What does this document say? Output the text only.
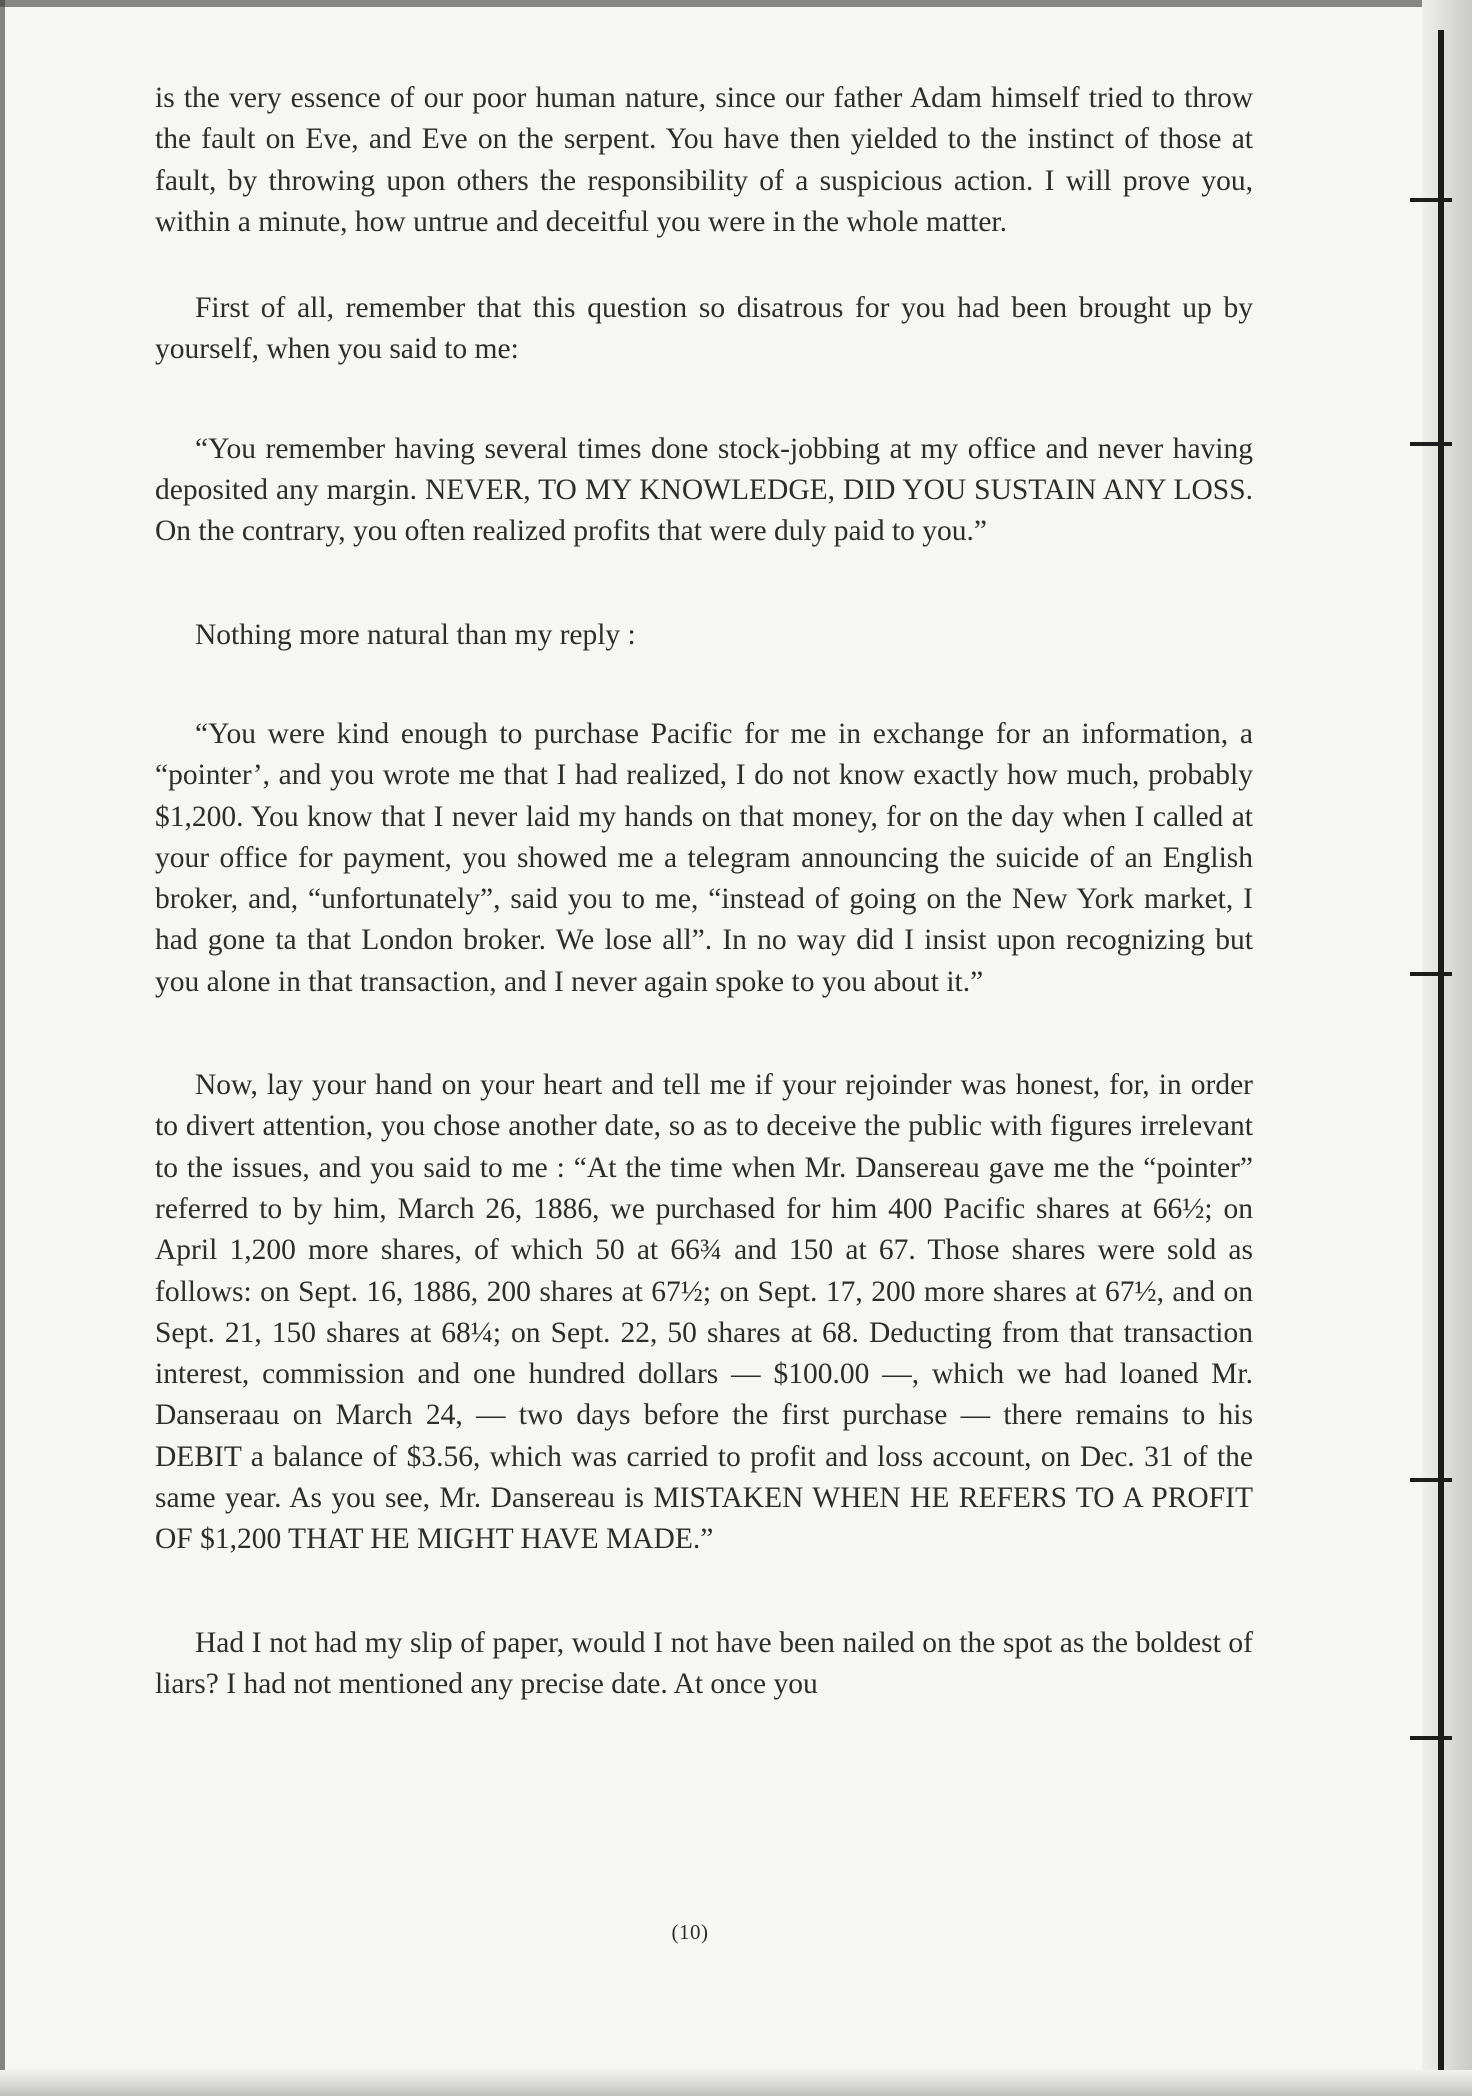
is the very essence of our poor human nature, since our father Adam himself tried to throw the fault on Eve, and Eve on the serpent. You have then yielded to the instinct of those at fault, by throwing upon others the responsibility of a suspicious action. I will prove you, within a minute, how untrue and deceitful you were in the whole matter.

First of all, remember that this question so disatrous for you had been brought up by yourself, when you said to me:

“You remember having several times done stock-jobbing at my office and never having deposited any margin. NEVER, TO MY KNOWLEDGE, DID YOU SUSTAIN ANY LOSS. On the contrary, you often realized profits that were duly paid to you.”

Nothing more natural than my reply :

“You were kind enough to purchase Pacific for me in exchange for an information, a “pointer’, and you wrote me that I had realized, I do not know exactly how much, probably $1,200. You know that I never laid my hands on that money, for on the day when I called at your office for payment, you showed me a telegram announcing the suicide of an English broker, and, “unfortunately”, said you to me, “instead of going on the New York market, I had gone ta that London broker. We lose all”. In no way did I insist upon recognizing but you alone in that transaction, and I never again spoke to you about it.”

Now, lay your hand on your heart and tell me if your rejoinder was honest, for, in order to divert attention, you chose another date, so as to deceive the public with figures irrelevant to the issues, and you said to me : “At the time when Mr. Dansereau gave me the “pointer” referred to by him, March 26, 1886, we purchased for him 400 Pacific shares at 66½; on April 1,200 more shares, of which 50 at 66¾ and 150 at 67. Those shares were sold as follows: on Sept. 16, 1886, 200 shares at 67½; on Sept. 17, 200 more shares at 67½, and on Sept. 21, 150 shares at 68¼; on Sept. 22, 50 shares at 68. Deducting from that transaction interest, commission and one hundred dollars — $100.00 —, which we had loaned Mr. Danseraau on March 24, — two days before the first purchase — there remains to his DEBIT a balance of $3.56, which was carried to profit and loss account, on Dec. 31 of the same year. As you see, Mr. Dansereau is MISTAKEN WHEN HE REFERS TO A PROFIT OF $1,200 THAT HE MIGHT HAVE MADE.”

Had I not had my slip of paper, would I not have been nailed on the spot as the boldest of liars? I had not mentioned any precise date. At once you

(10)
